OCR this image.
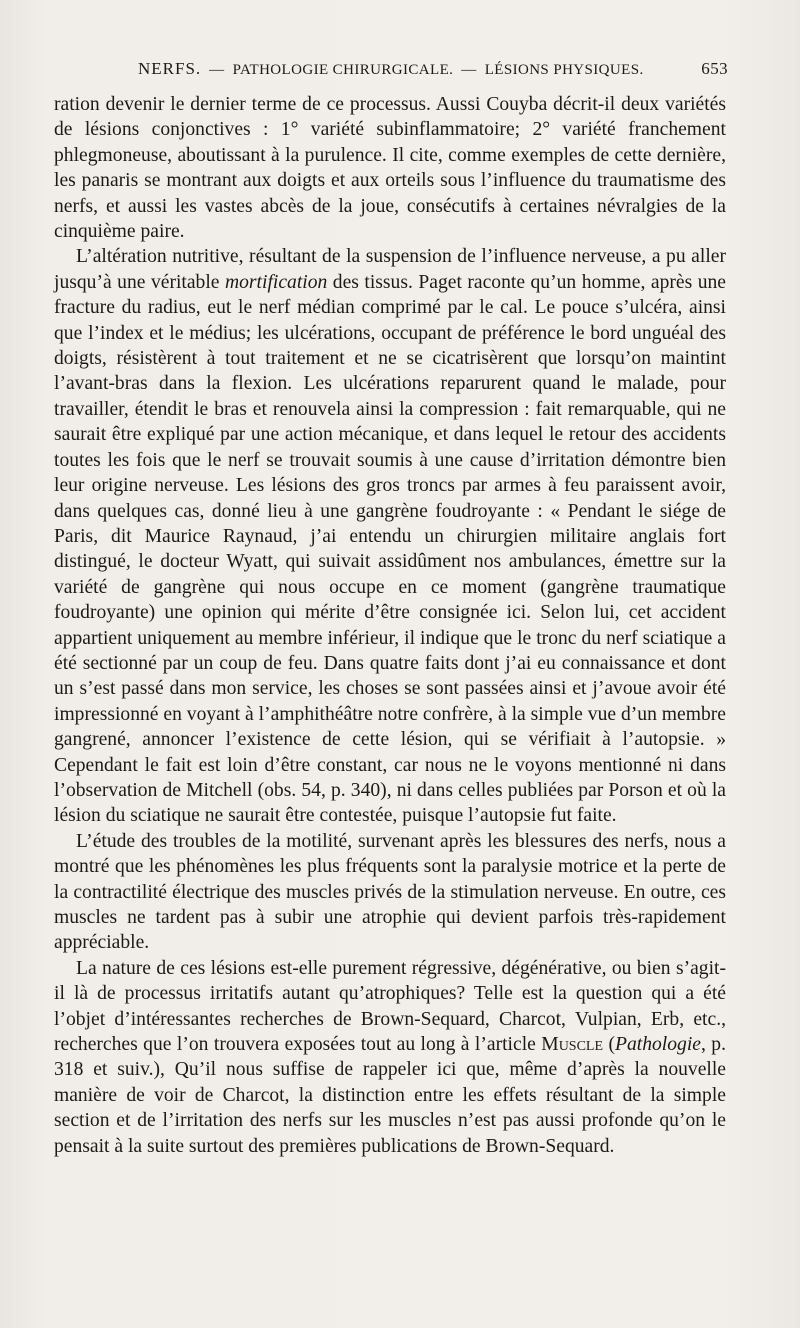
NERFS. — PATHOLOGIE CHIRURGICALE. — LÉSIONS PHYSIQUES.	653

ration devenir le dernier terme de ce processus. Aussi Couyba décrit-il deux variétés de lésions conjonctives : 1° variété subinflammatoire; 2° variété franchement phlegmoneuse, aboutissant à la purulence. Il cite, comme exemples de cette dernière, les panaris se montrant aux doigts et aux orteils sous l’influence du traumatisme des nerfs, et aussi les vastes abcès de la joue, consécutifs à certaines névralgies de la cinquième paire.

L’altération nutritive, résultant de la suspension de l’influence nerveuse, a pu aller jusqu’à une véritable mortification des tissus. Paget raconte qu’un homme, après une fracture du radius, eut le nerf médian comprimé par le cal. Le pouce s’ulcéra, ainsi que l’index et le médius; les ulcérations, occupant de préférence le bord unguéal des doigts, résistèrent à tout traitement et ne se cicatrisèrent que lorsqu’on maintint l’avant-bras dans la flexion. Les ulcérations reparurent quand le malade, pour travailler, étendit le bras et renouvela ainsi la compression : fait remarquable, qui ne saurait être expliqué par une action mécanique, et dans lequel le retour des accidents toutes les fois que le nerf se trouvait soumis à une cause d’irritation démontre bien leur origine nerveuse. Les lésions des gros troncs par armes à feu paraissent avoir, dans quelques cas, donné lieu à une gangrène foudroyante : « Pendant le siége de Paris, dit Maurice Raynaud, j’ai entendu un chirurgien militaire anglais fort distingué, le docteur Wyatt, qui suivait assidûment nos ambulances, émettre sur la variété de gangrène qui nous occupe en ce moment (gangrène traumatique foudroyante) une opinion qui mérite d’être consignée ici. Selon lui, cet accident appartient uniquement au membre inférieur, il indique que le tronc du nerf sciatique a été sectionné par un coup de feu. Dans quatre faits dont j’ai eu connaissance et dont un s’est passé dans mon service, les choses se sont passées ainsi et j’avoue avoir été impressionné en voyant à l’amphithéâtre notre confrère, à la simple vue d’un membre gangrené, annoncer l’existence de cette lésion, qui se vérifiait à l’autopsie. » Cependant le fait est loin d’être constant, car nous ne le voyons mentionné ni dans l’observation de Mitchell (obs. 54, p. 340), ni dans celles publiées par Porson et où la lésion du sciatique ne saurait être contestée, puisque l’autopsie fut faite.

L’étude des troubles de la motilité, survenant après les blessures des nerfs, nous a montré que les phénomènes les plus fréquents sont la paralysie motrice et la perte de la contractilité électrique des muscles privés de la stimulation nerveuse. En outre, ces muscles ne tardent pas à subir une atrophie qui devient parfois très-rapidement appréciable.

La nature de ces lésions est-elle purement régressive, dégénérative, ou bien s’agit-il là de processus irritatifs autant qu’atrophiques? Telle est la question qui a été l’objet d’intéressantes recherches de Brown-Sequard, Charcot, Vulpian, Erb, etc., recherches que l’on trouvera exposées tout au long à l’article Muscle (Pathologie, p. 318 et suiv.), Qu’il nous suffise de rappeler ici que, même d’après la nouvelle manière de voir de Charcot, la distinction entre les effets résultant de la simple section et de l’irritation des nerfs sur les muscles n’est pas aussi profonde qu’on le pensait à la suite surtout des premières publications de Brown-Sequard.
